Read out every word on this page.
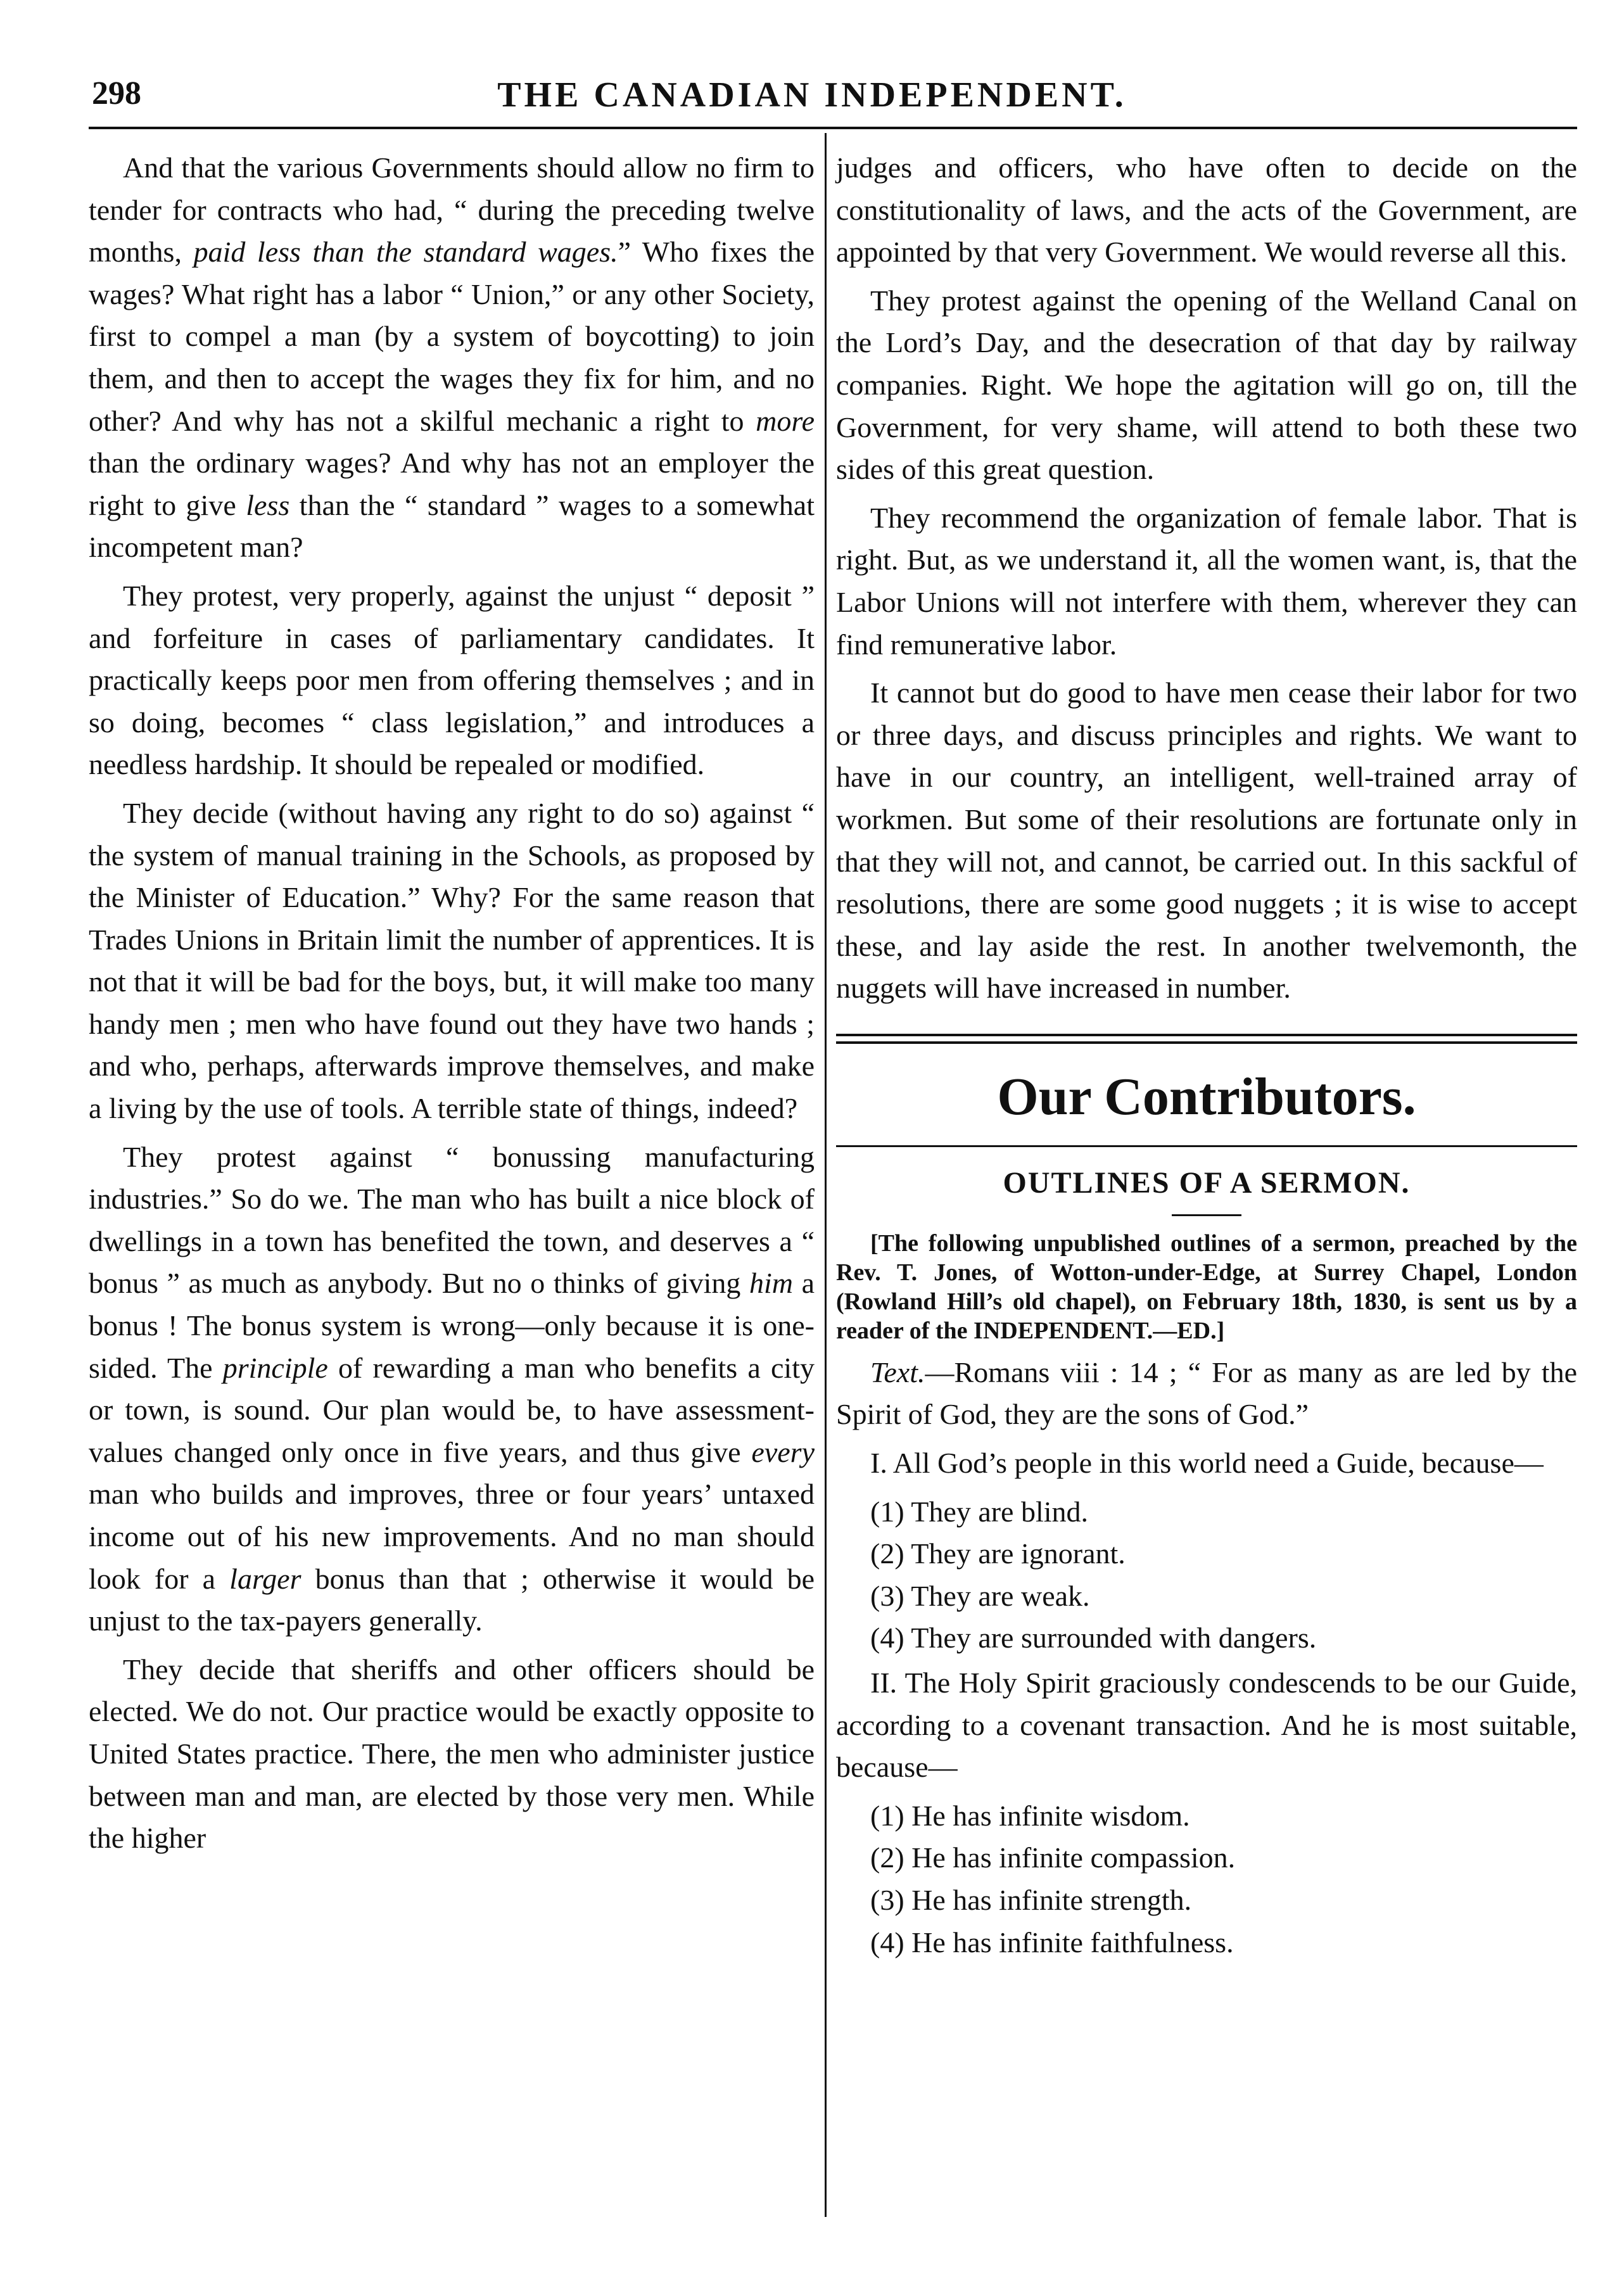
298	THE CANADIAN INDEPENDENT.

And that the various Governments should allow no firm to tender for contracts who had, “ during the preceding twelve months, paid less than the standard wages.” Who fixes the wages? What right has a labor “ Union,” or any other Society, first to compel a man (by a system of boycotting) to join them, and then to accept the wages they fix for him, and no other? And why has not a skilful mechanic a right to more than the ordinary wages? And why has not an employer the right to give less than the “ standard ” wages to a somewhat incompetent man?

They protest, very properly, against the unjust “ deposit ” and forfeiture in cases of parliamentary candidates. It practically keeps poor men from offering themselves ; and in so doing, becomes “ class legislation,” and introduces a needless hardship. It should be repealed or modified.

They decide (without having any right to do so) against “ the system of manual training in the Schools, as proposed by the Minister of Education.” Why? For the same reason that Trades Unions in Britain limit the number of apprentices. It is not that it will be bad for the boys, but, it will make too many handy men ; men who have found out they have two hands ; and who, perhaps, afterwards improve themselves, and make a living by the use of tools. A terrible state of things, indeed?

They protest against “ bonussing manufacturing industries.” So do we. The man who has built a nice block of dwellings in a town has benefited the town, and deserves a “ bonus ” as much as anybody. But no o thinks of giving him a bonus ! The bonus system is wrong—only because it is one-sided. The principle of rewarding a man who benefits a city or town, is sound. Our plan would be, to have assessment-values changed only once in five years, and thus give every man who builds and improves, three or four years’ untaxed income out of his new improvements. And no man should look for a larger bonus than that ; otherwise it would be unjust to the tax-payers generally.

They decide that sheriffs and other officers should be elected. We do not. Our practice would be exactly opposite to United States practice. There, the men who administer justice between man and man, are elected by those very men. While the higher

judges and officers, who have often to decide on the constitutionality of laws, and the acts of the Government, are appointed by that very Government. We would reverse all this.

They protest against the opening of the Welland Canal on the Lord’s Day, and the desecration of that day by railway companies. Right. We hope the agitation will go on, till the Government, for very shame, will attend to both these two sides of this great question.

They recommend the organization of female labor. That is right. But, as we understand it, all the women want, is, that the Labor Unions will not interfere with them, wherever they can find remunerative labor.

It cannot but do good to have men cease their labor for two or three days, and discuss principles and rights. We want to have in our country, an intelligent, well-trained array of workmen. But some of their resolutions are fortunate only in that they will not, and cannot, be carried out. In this sackful of resolutions, there are some good nuggets ; it is wise to accept these, and lay aside the rest. In another twelvemonth, the nuggets will have increased in number.

Our Contributors.
OUTLINES OF A SERMON.

[The following unpublished outlines of a sermon, preached by the Rev. T. Jones, of Wotton-under-Edge, at Surrey Chapel, London (Rowland Hill’s old chapel), on February 18th, 1830, is sent us by a reader of the INDEPENDENT.—ED.]

Text.—Romans viii : 14 ; “ For as many as are led by the Spirit of God, they are the sons of God.”

I. All God’s people in this world need a Guide, because—

(1) They are blind.
(2) They are ignorant.
(3) They are weak.
(4) They are surrounded with dangers.

II. The Holy Spirit graciously condescends to be our Guide, according to a covenant transaction. And he is most suitable, because—

(1) He has infinite wisdom.
(2) He has infinite compassion.
(3) He has infinite strength.
(4) He has infinite faithfulness.
